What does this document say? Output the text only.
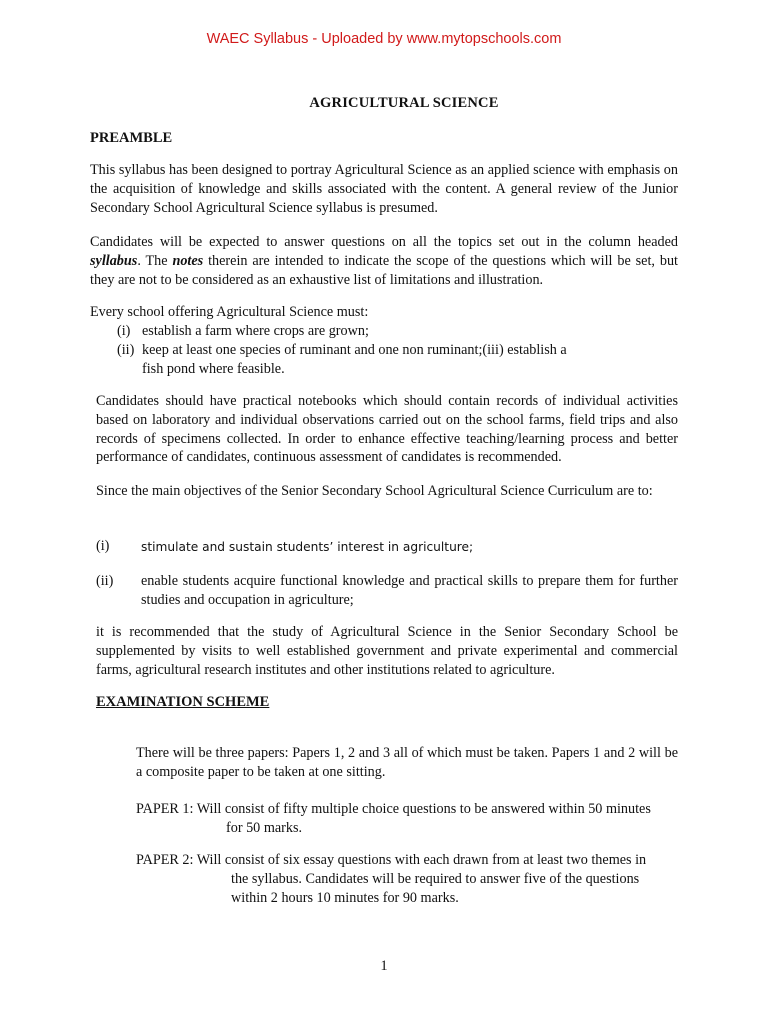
WAEC Syllabus - Uploaded by www.mytopschools.com
AGRICULTURAL SCIENCE
PREAMBLE
This syllabus has been designed to portray Agricultural Science as an applied science with emphasis on the acquisition of knowledge and skills associated with the content. A general review of the Junior Secondary School Agricultural Science syllabus is presumed.
Candidates will be expected to answer questions on all the topics set out in the column headed syllabus. The notes therein are intended to indicate the scope of the questions which will be set, but they are not to be considered as an exhaustive list of limitations and illustration.
Every school offering Agricultural Science must:
(i) establish a farm where crops are grown;
(ii) keep at least one species of ruminant and one non ruminant;(iii) establish a
fish pond where feasible.
Candidates should have practical notebooks which should contain records of individual activities based on laboratory and individual observations carried out on the school farms, field trips and also records of specimens collected. In order to enhance effective teaching/learning process and better performance of candidates, continuous assessment of candidates is recommended.
Since the main objectives of the Senior Secondary School Agricultural Science Curriculum are to:
(i)	stimulate and sustain students’ interest in agriculture;
(ii) enable students acquire functional knowledge and practical skills to prepare them for further studies and occupation in agriculture;
it is recommended that the study of Agricultural Science in the Senior Secondary School be supplemented by visits to well established government and private experimental and commercial farms, agricultural research institutes and other institutions related to agriculture.
EXAMINATION SCHEME
There will be three papers: Papers 1, 2 and 3 all of which must be taken. Papers 1 and 2 will be a composite paper to be taken at one sitting.
PAPER 1: Will consist of fifty multiple choice questions to be answered within 50 minutes
for 50 marks.
PAPER 2: Will consist of six essay questions with each drawn from at least two themes in
the syllabus. Candidates will be required to answer five of the questions
within 2 hours 10 minutes for 90 marks.
1
